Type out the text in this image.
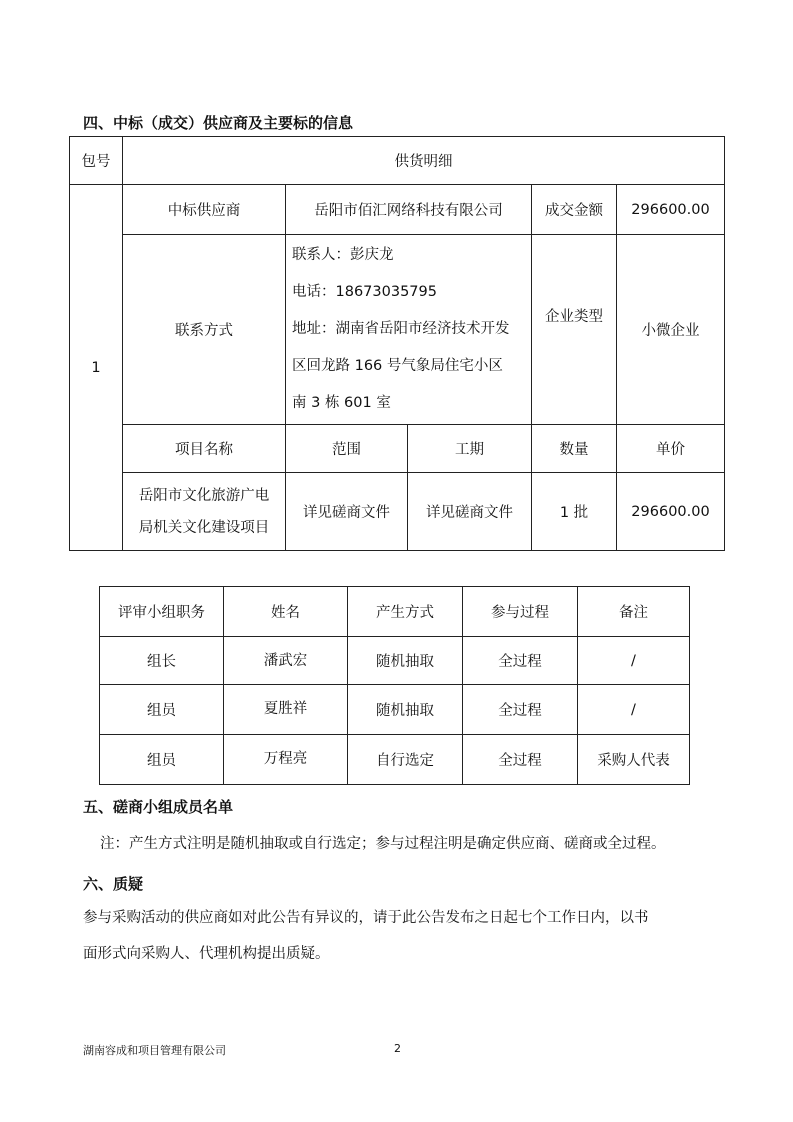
四、中标（成交）供应商及主要标的信息
包号	供货明细				
1	中标供应商	岳阳市佰汇网络科技有限公司		成交金额	296600.00
	联系方式	联系人：彭庆龙
电话：18673035795
地址：湖南省岳阳市经济技术开发
区回龙路 166 号气象局住宅小区
南 3 栋 601 室		企业类型	小微企业
	项目名称	范围	工期	数量	单价

	岳阳市文化旅游广电
局机关文化建设项目	详见磋商文件	详见磋商文件	1 批	296600.00
评审小组职务	姓名	产生方式	参与过程	备注
组长	潘武宏	随机抽取	全过程	/
组员	夏胜祥	随机抽取	全过程	/
组员	万程亮	自行选定	全过程	采购人代表
五、磋商小组成员名单
注：产生方式注明是随机抽取或自行选定；参与过程注明是确定供应商、磋商或全过程。
六、质疑
参与采购活动的供应商如对此公告有异议的，请于此公告发布之日起七个工作日内，以书
面形式向采购人、代理机构提出质疑。
湖南容成和项目管理有限公司	2
